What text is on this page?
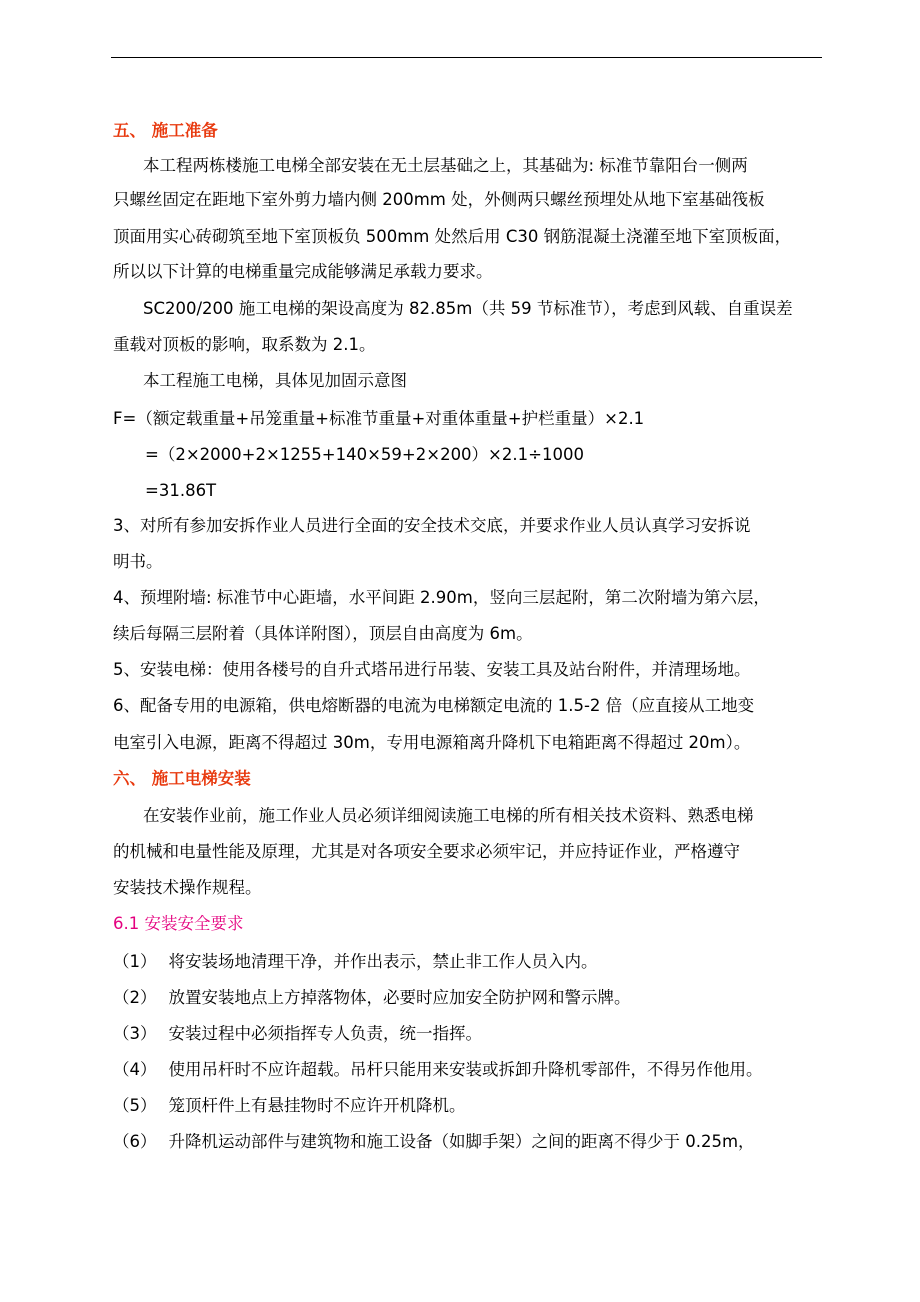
五、 施工准备
本工程两栋楼施工电梯全部安装在无土层基础之上，其基础为: 标准节靠阳台一侧两
只螺丝固定在距地下室外剪力墙内侧 200mm 处，外侧两只螺丝预埋处从地下室基础筏板
顶面用实心砖砌筑至地下室顶板负 500mm 处然后用 C30 钢筋混凝土浇灌至地下室顶板面，
所以以下计算的电梯重量完成能够满足承载力要求。
SC200/200 施工电梯的架设高度为 82.85m（共 59 节标准节），考虑到风载、自重误差
重载对顶板的影响，取系数为 2.1。
本工程施工电梯，具体见加固示意图
F=（额定载重量+吊笼重量+标准节重量+对重体重量+护栏重量）×2.1
=（2×2000+2×1255+140×59+2×200）×2.1÷1000
=31.86T
3、对所有参加安拆作业人员进行全面的安全技术交底，并要求作业人员认真学习安拆说
明书。
4、预埋附墙: 标准节中心距墙，水平间距 2.90m，竖向三层起附，第二次附墙为第六层，
续后每隔三层附着（具体详附图），顶层自由高度为 6m。
5、安装电梯：使用各楼号的自升式塔吊进行吊装、安装工具及站台附件，并清理场地。
6、配备专用的电源箱，供电熔断器的电流为电梯额定电流的 1.5-2 倍（应直接从工地变
电室引入电源，距离不得超过 30m，专用电源箱离升降机下电箱距离不得超过 20m）。
六、 施工电梯安装
在安装作业前，施工作业人员必须详细阅读施工电梯的所有相关技术资料、熟悉电梯
的机械和电量性能及原理，尤其是对各项安全要求必须牢记，并应持证作业，严格遵守
安装技术操作规程。
6.1 安装安全要求
（1） 将安装场地清理干净，并作出表示，禁止非工作人员入内。
（2） 放置安装地点上方掉落物体，必要时应加安全防护网和警示牌。
（3） 安装过程中必须指挥专人负责，统一指挥。
（4） 使用吊杆时不应许超载。吊杆只能用来安装或拆卸升降机零部件，不得另作他用。
（5） 笼顶杆件上有悬挂物时不应许开机降机。
（6） 升降机运动部件与建筑物和施工设备（如脚手架）之间的距离不得少于 0.25m，
